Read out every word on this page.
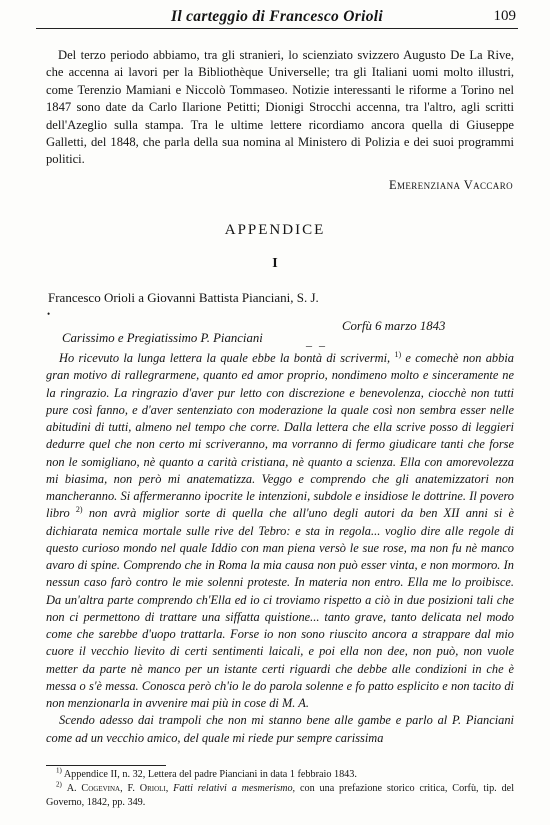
Il carteggio di Francesco Orioli	109
Del terzo periodo abbiamo, tra gli stranieri, lo scienziato svizzero Augusto De La Rive, che accenna ai lavori per la Bibliothèque Universelle; tra gli Italiani uomi molto illustri, come Terenzio Mamiani e Niccolò Tommaseo. Notizie interessanti le riforme a Torino nel 1847 sono date da Carlo Ilarione Petitti; Dionigi Strocchi accenna, tra l'altro, agli scritti dell'Azeglio sulla stampa. Tra le ultime lettere ricordiamo ancora quella di Giuseppe Galletti, del 1848, che parla della sua nomina al Ministero di Polizia e dei suoi programmi politici.
Emerenziana Vaccaro
APPENDICE
I
Francesco Orioli a Giovanni Battista Pianciani, S. J.
•
Carissimo e Pregiatissimo P. Pianciani	_ _
Corfù 6 marzo 1843

Ho ricevuto la lunga lettera la quale ebbe la bontà di scrivermi, $^{1)}$ e comechè non abbia gran motivo di rallegrarmene, quanto ed amor proprio, nondimeno molto e sinceramente ne la ringrazio. La ringrazio d'aver pur letto con discrezione e benevolenza, ciocchè non tutti pure così fanno, e d'aver sentenziato con moderazione la quale così non sembra esser nelle abitudini di tutti, almeno nel tempo che corre. Dalla lettera che ella scrive posso di leggieri dedurre quel che non certo mi scriveranno, ma vorranno di fermo giudicare tanti che forse non le somigliano, nè quanto a carità cristiana, nè quanto a scienza. Ella con amorevolezza mi biasima, non però mi anatematizza. Veggo e comprendo che gli anatemizzatori non mancheranno. Si affermeranno ipocrite le intenzioni, subdole e insidiose le dottrine. Il povero libro $^{2)}$ non avrà miglior sorte di quella che all'uno degli autori da ben XII anni si è dichiarata nemica mortale sulle rive del Tebro: e sta in regola... voglio dire alle regole di questo curioso mondo nel quale Iddio con man piena versò le sue rose, ma non fu nè manco avaro di spine. Comprendo che in Roma la mia causa non può esser vinta, e non mormoro. In nessun caso farò contro le mie solenni proteste. In materia non entro. Ella me lo proibisce. Da un'altra parte comprendo ch'Ella ed io ci troviamo rispetto a ciò in due posizioni tali che non ci permettono di trattare una siffatta quistione... tanto grave, tanto delicata nel modo come che sarebbe d'uopo trattarla. Forse io non sono riuscito ancora a strappare dal mio cuore il vecchio lievito di certi sentimenti laicali, e poi ella non dee, non può, non vuole metter da parte nè manco per un istante certi riguardi che debbe alle condizioni in che è messa o s'è messa. Conosca però ch'io le do parola solenne e fo patto esplicito e non tacito di non menzionarla in avvenire mai più in cose di M. A.

Scendo adesso dai trampoli che non mi stanno bene alle gambe e parlo al P. Pianciani come ad un vecchio amico, del quale mi riede pur sempre carissima

$^{1)}$ Appendice II, n. 32, Lettera del padre Pianciani in data 1 febbraio 1843.

$^{2)}$ A. Cogevina, F. Orioli, Fatti relativi a mesmerismo, con una prefazione storico critica, Corfù, tip. del Governo, 1842, pp. 349.
